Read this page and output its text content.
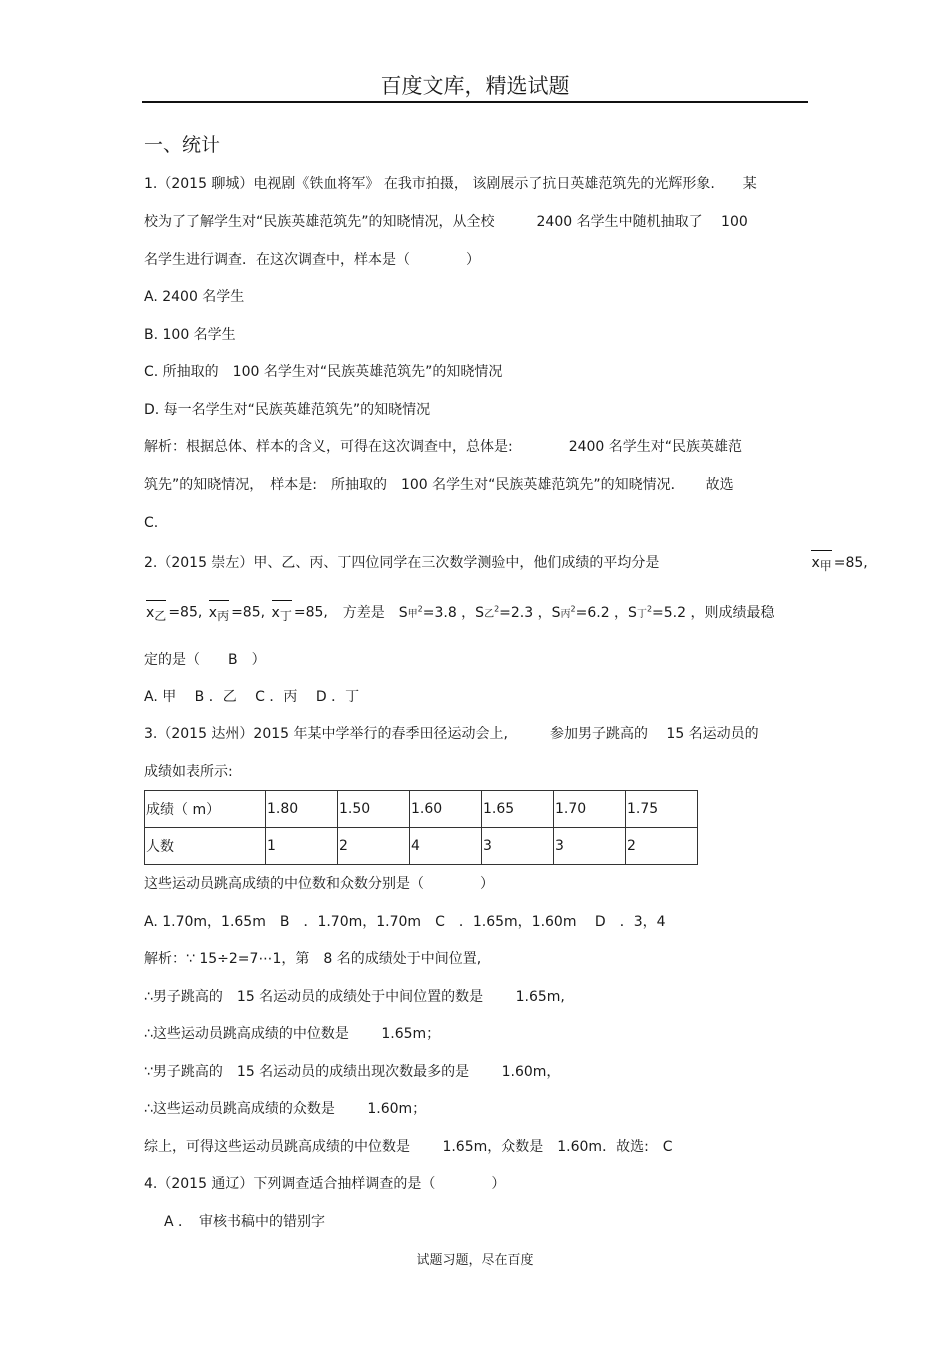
百度文库，精选试题
一、统计
1.（2015 聊城）电视剧《铁血将军》 在我市拍摄， 该剧展示了抗日英雄范筑先的光辉形象.　　某
校为了了解学生对“民族英雄范筑先”的知晓情况，从全校　　　2400 名学生中随机抽取了　 100
名学生进行调查．在这次调查中，样本是（　　　　）
A. 2400 名学生
B. 100 名学生
C. 所抽取的　100 名学生对“民族英雄范筑先”的知晓情况
D. 每一名学生对“民族英雄范筑先”的知晓情况
解析：根据总体、样本的含义，可得在这次调查中，总体是:　　　　2400 名学生对“民族英雄范
筑先”的知晓情况，　样本是:　所抽取的　100 名学生对“民族英雄范筑先”的知晓情况．　　故选
C.
2.（2015 崇左）甲、乙、丙、丁四位同学在三次数学测验中，他们成绩的平均分是	x甲 =85,
x乙 =85, x丙 =85, x丁 =85, 方差是　S甲$^2$=3.8 ，S乙$^2$=2.3 ，S丙$^2$=6.2 ，S丁$^2$=5.2 ，则成绩最稳
定的是（　　B　）
A. 甲　 B ．乙　 C ．丙　 D ．丁
3.（2015 达州）2015 年某中学举行的春季田径运动会上,　　　参加男子跳高的　 15 名运动员的
成绩如表所示:
成绩（ m）	1.80	1.50	1.60	1.65	1.70	1.75
人数	1	2	4	3	3	2
这些运动员跳高成绩的中位数和众数分别是（　　　　）
A. 1.70m，1.65m　B　．1.70m，1.70m　C　．1.65m，1.60m　 D　．3，4
解析：∵ 15÷2=7⋯1，第　8 名的成绩处于中间位置,
∴男子跳高的　15 名运动员的成绩处于中间位置的数是　　 1.65m,
∴这些运动员跳高成绩的中位数是　　 1.65m；
∵男子跳高的　15 名运动员的成绩出现次数最多的是　　 1.60m，
∴这些运动员跳高成绩的众数是　　 1.60m；
综上，可得这些运动员跳高成绩的中位数是　　 1.65m，众数是　1.60m．故选:　C
4.（2015 通辽）下列调查适合抽样调查的是（　　　　）
A ．　审核书稿中的错别字
试题习题，尽在百度
